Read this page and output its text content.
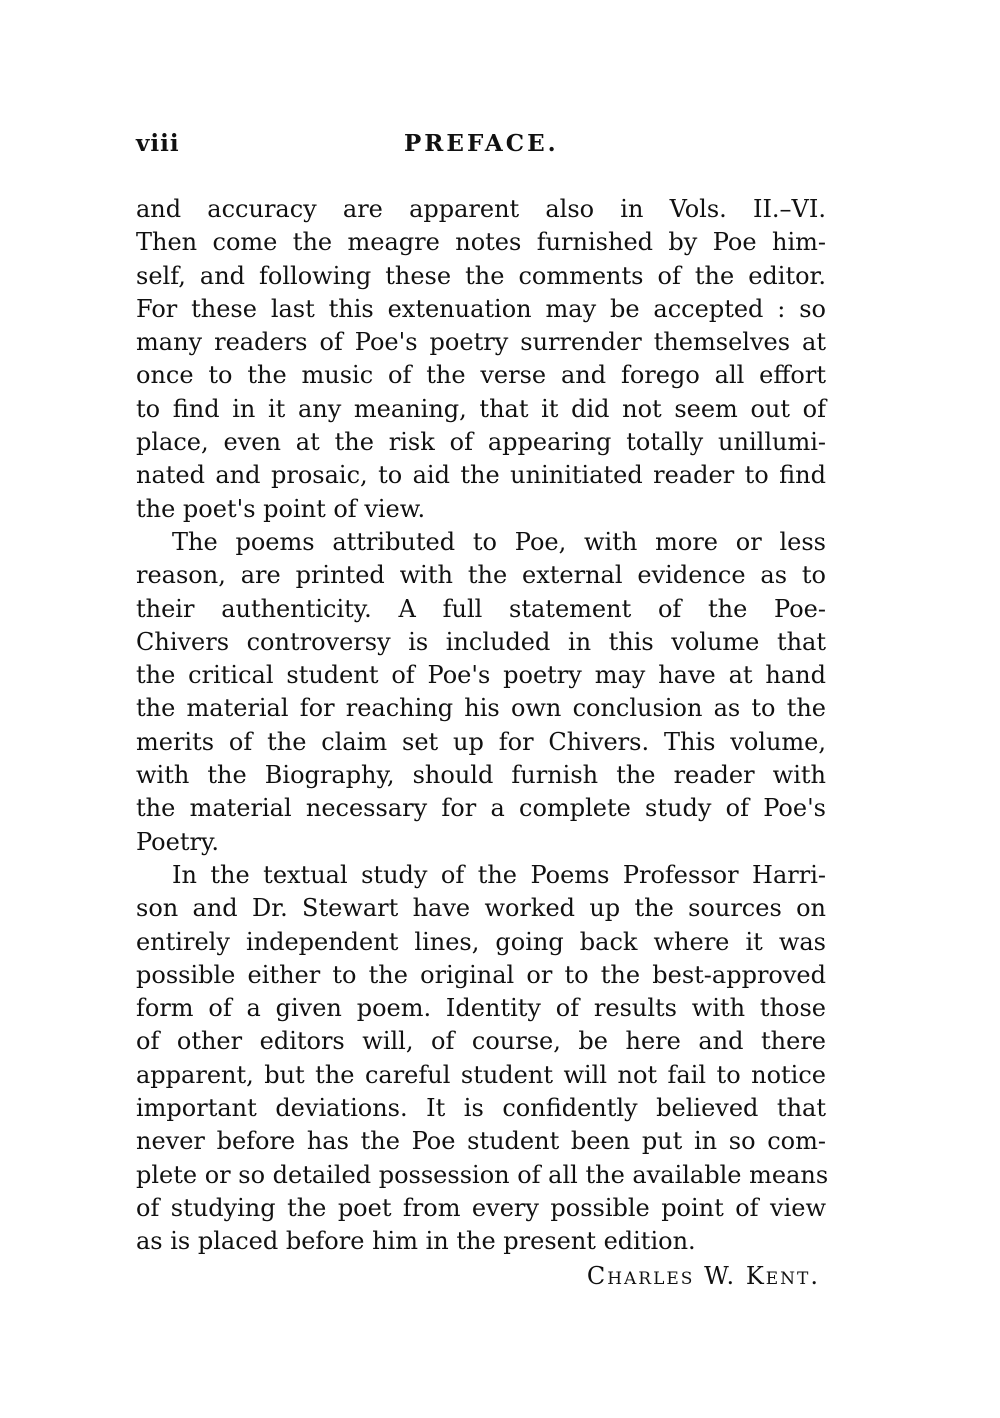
viii	PREFACE.
and accuracy are apparent also in Vols. II.–VI.
Then come the meagre notes furnished by Poe him-
self, and following these the comments of the editor.
For these last this extenuation may be accepted : so
many readers of Poe's poetry surrender themselves at
once to the music of the verse and forego all effort
to find in it any meaning, that it did not seem out of
place, even at the risk of appearing totally unillumi-
nated and prosaic, to aid the uninitiated reader to find
the poet's point of view.
The poems attributed to Poe, with more or less
reason, are printed with the external evidence as to
their authenticity. A full statement of the Poe-
Chivers controversy is included in this volume that
the critical student of Poe's poetry may have at hand
the material for reaching his own conclusion as to the
merits of the claim set up for Chivers. This volume,
with the Biography, should furnish the reader with
the material necessary for a complete study of Poe's
Poetry.
In the textual study of the Poems Professor Harri-
son and Dr. Stewart have worked up the sources on
entirely independent lines, going back where it was
possible either to the original or to the best-approved
form of a given poem. Identity of results with those
of other editors will, of course, be here and there
apparent, but the careful student will not fail to notice
important deviations. It is confidently believed that
never before has the Poe student been put in so com-
plete or so detailed possession of all the available means
of studying the poet from every possible point of view
as is placed before him in the present edition.
Charles W. Kent.
